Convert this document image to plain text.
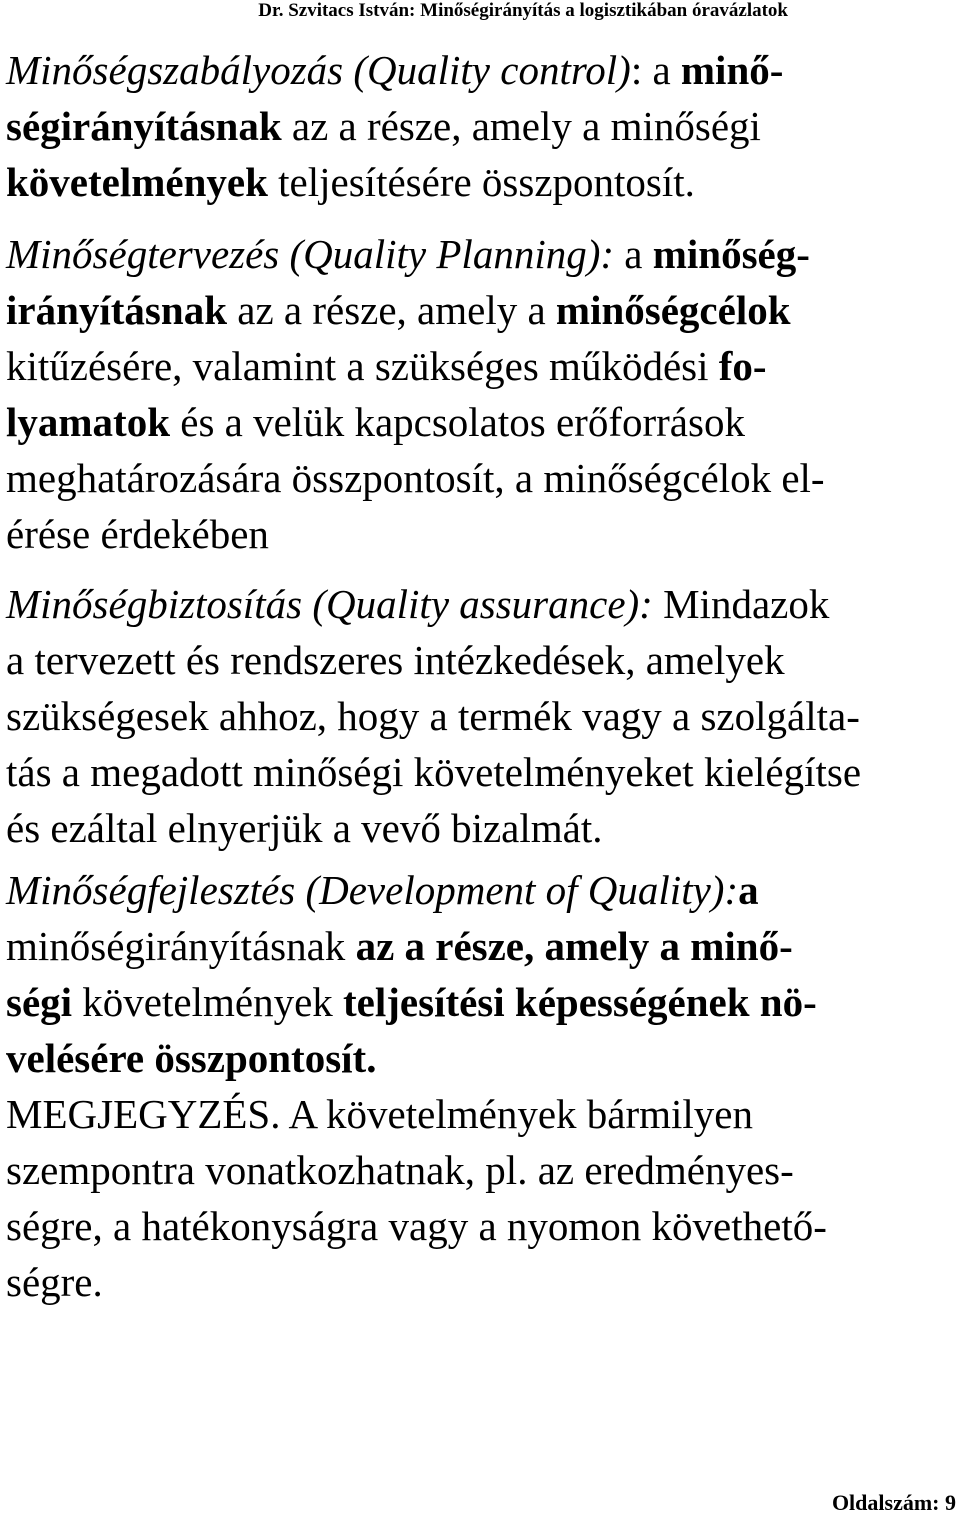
Dr. Szvitacs István: Minőségirányítás a logisztikában óravázlatok
Minőségszabályozás (Quality control): a minő-
ségirányításnak az a része, amely a minőségi
követelmények teljesítésére összpontosít.
Minőségtervezés (Quality Planning): a minőség-
irányításnak az a része, amely a minőségcélok
kitűzésére, valamint a szükséges működési fo-
lyamatok és a velük kapcsolatos erőforrások
meghatározására összpontosít, a minőségcélok el-
érése érdekében
Minőségbiztosítás (Quality assurance): Mindazok
a tervezett és rendszeres intézkedések, amelyek
szükségesek ahhoz, hogy a termék vagy a szolgálta-
tás a megadott minőségi követelményeket kielégítse
és ezáltal elnyerjük a vevő bizalmát.
Minőségfejlesztés (Development of Quality):a
minőségirányításnak az a része, amely a minő-
ségi követelmények teljesítési képességének nö-
velésére összpontosít.
MEGJEGYZÉS. A követelmények bármilyen
szempontra vonatkozhatnak, pl. az eredményes-
ségre, a hatékonyságra vagy a nyomon követhető-
ségre.
Oldalszám: 9
